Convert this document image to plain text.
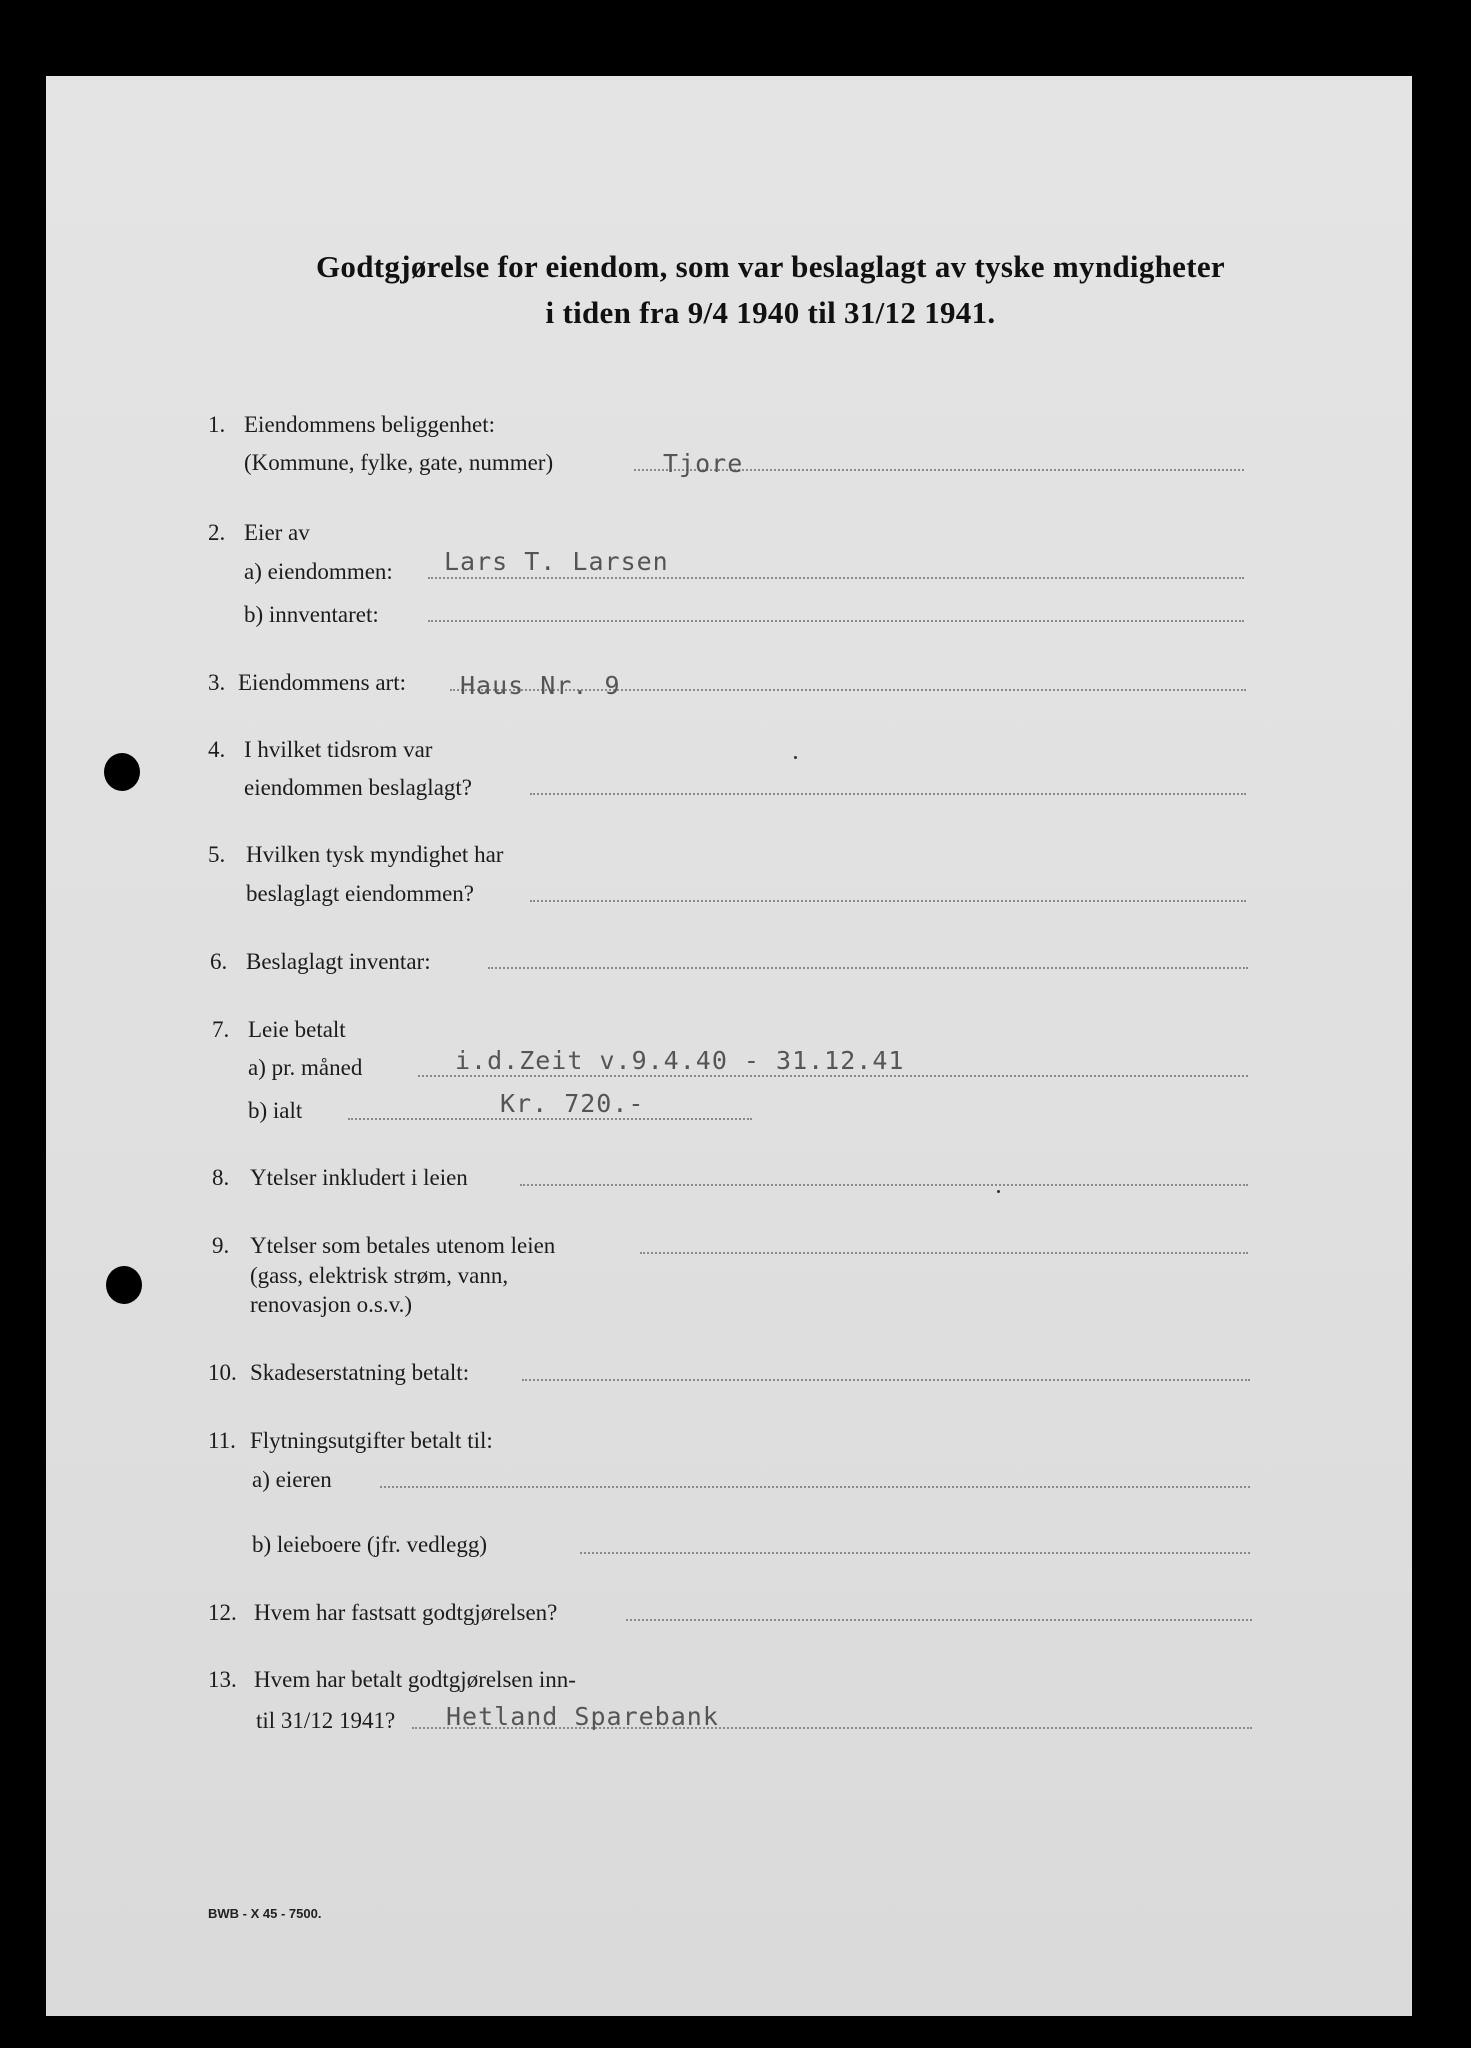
Godtgjørelse for eiendom, som var beslaglagt av tyske myndigheter
i tiden fra 9/4 1940 til 31/12 1941.
1. Eiendommens beliggenhet:
(Kommune, fylke, gate, nummer)	Tjore
2. Eier av
a) eiendommen: Lars T. Larsen
b) innventaret:
3. Eiendommens art: Haus Nr. 9
4. I hvilket tidsrom var
eiendommen beslaglagt?
5. Hvilken tysk myndighet har
beslaglagt eiendommen?
6. Beslaglagt inventar:
7. Leie betalt
a) pr. måned	i.d.Zeit v.9.4.40 - 31.12.41
b) ialt	Kr. 720.-
8. Ytelser inkludert i leien
9. Ytelser som betales utenom leien
(gass, elektrisk strøm, vann,
renovasjon o.s.v.)
10. Skadeserstatning betalt:
11. Flytningsutgifter betalt til:
a) eieren
b) leieboere (jfr. vedlegg)
12. Hvem har fastsatt godtgjørelsen?
13. Hvem har betalt godtgjørelsen inn-
til 31/12 1941? Hetland Sparebank
BWB - X 45 - 7500.
